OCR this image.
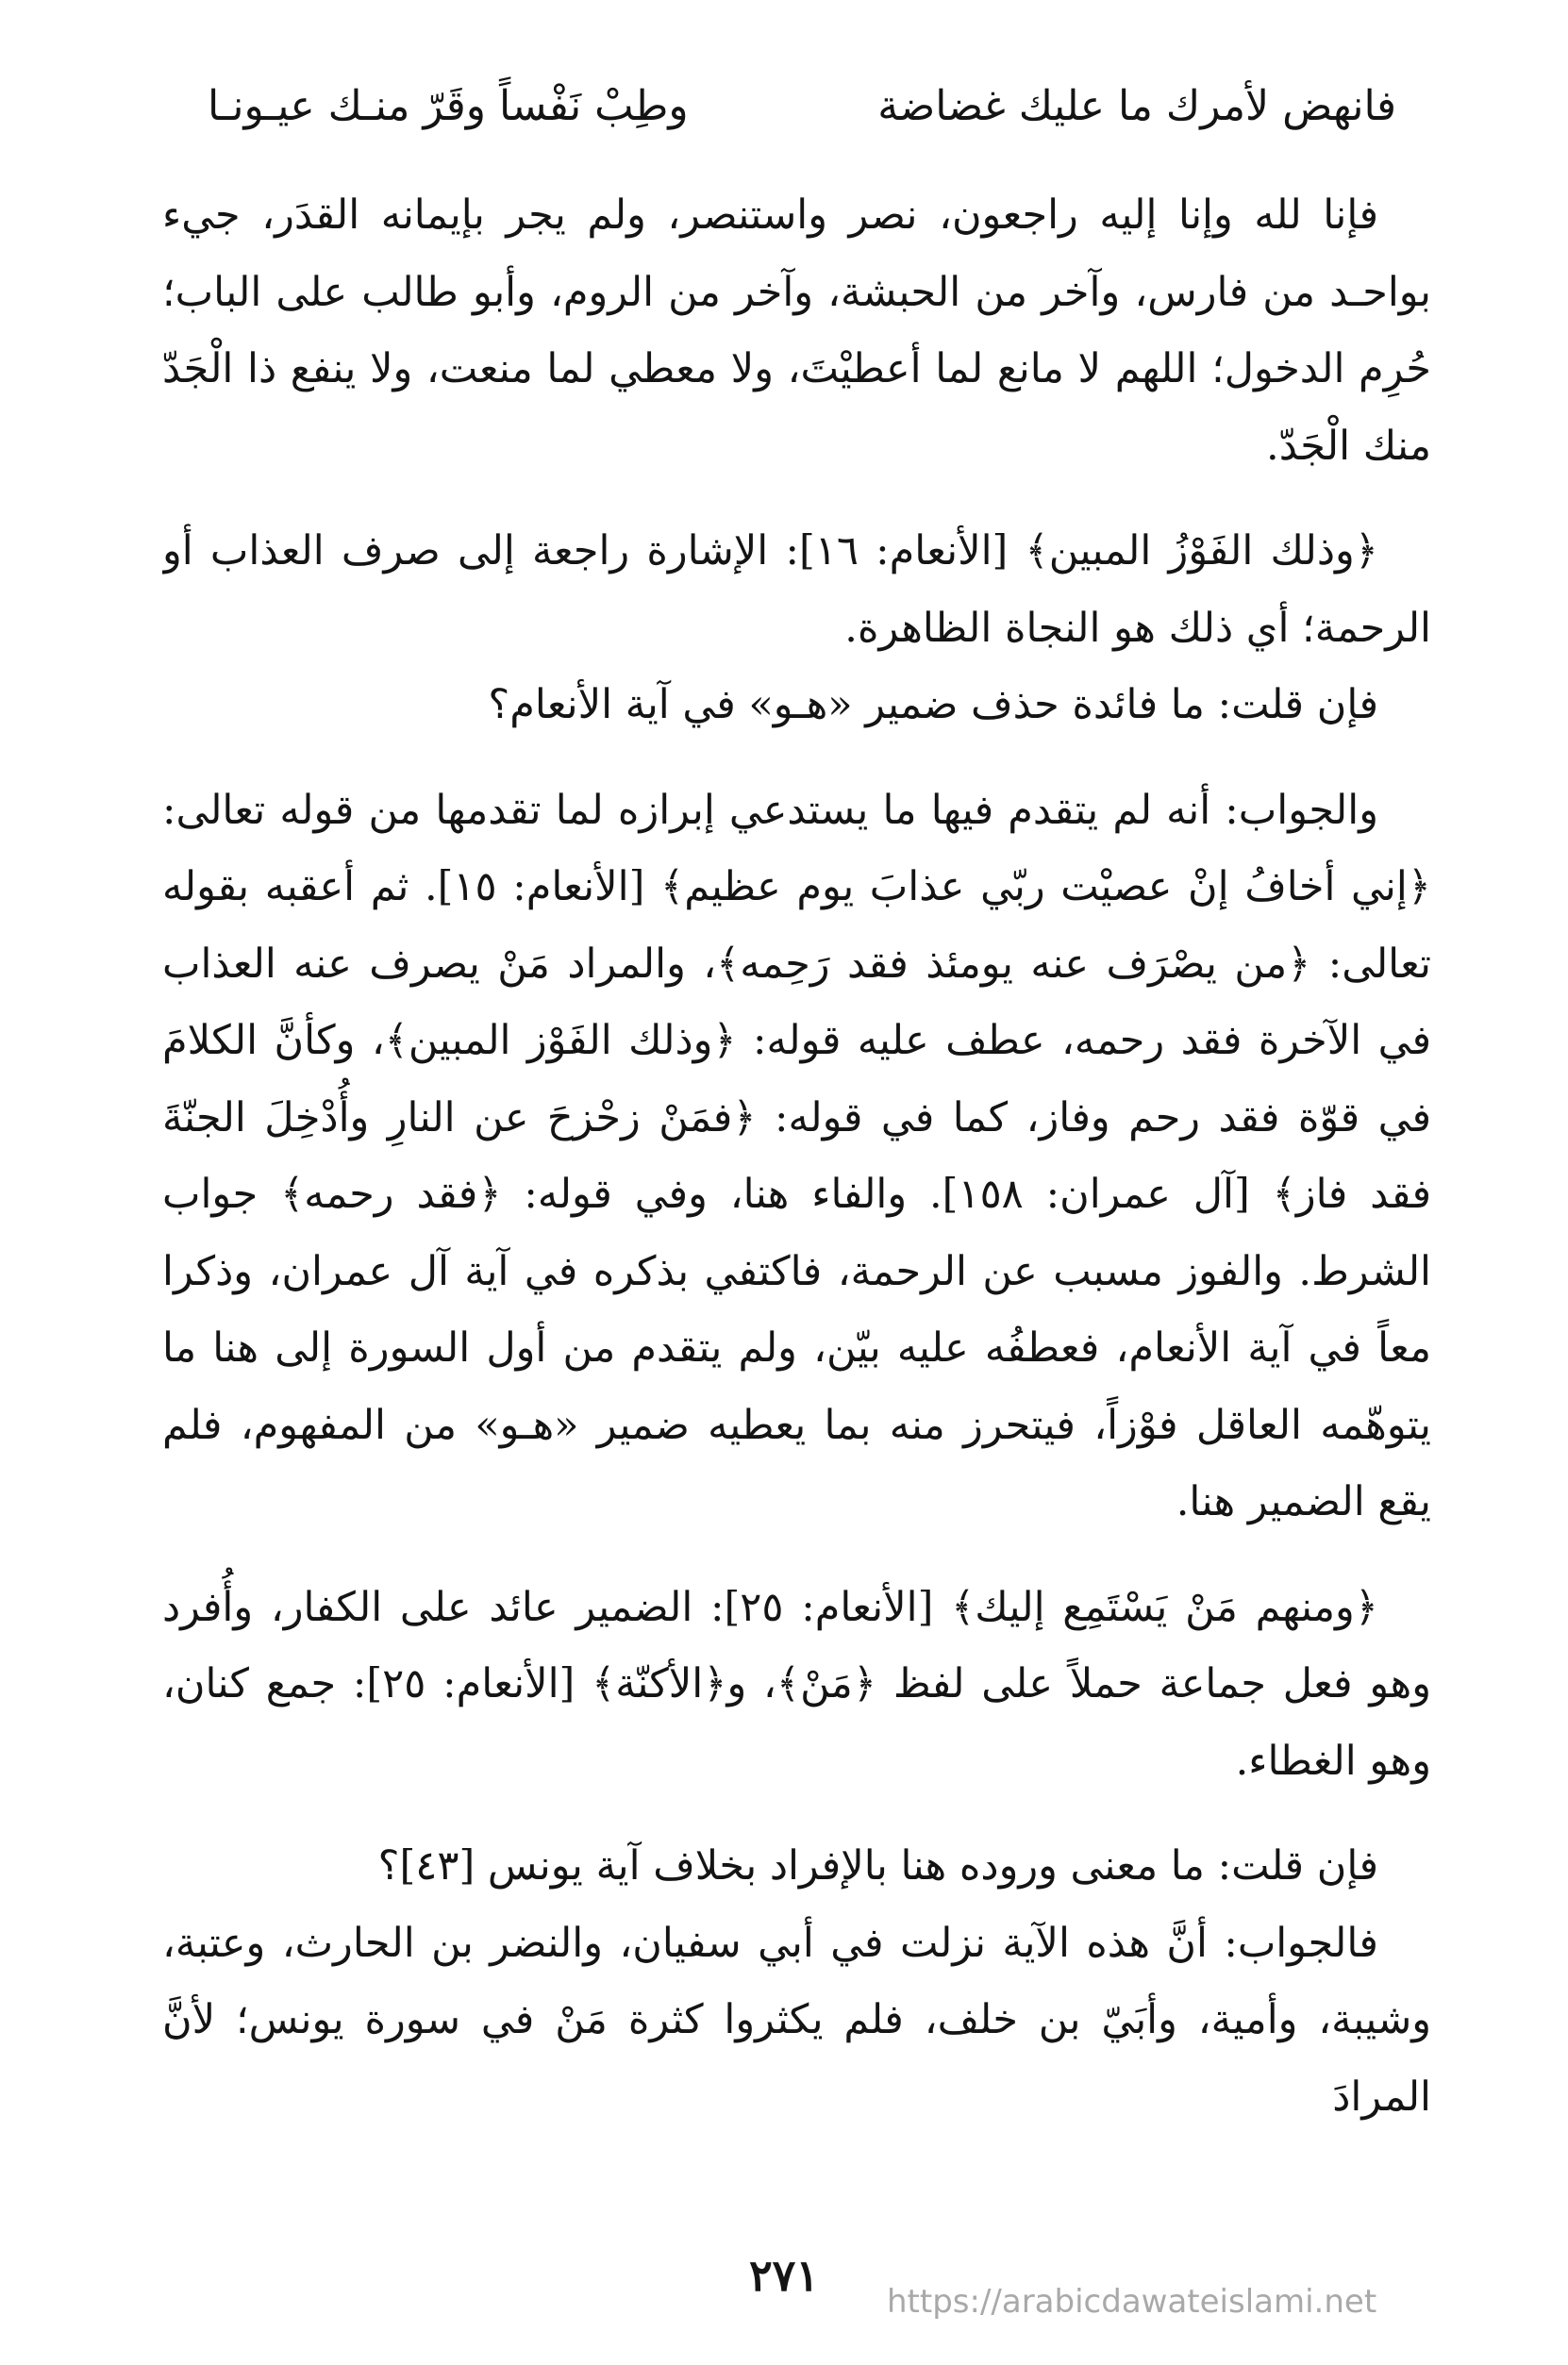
فانهض لأمرك ما عليك غضاضة
وطِبْ نَفْساً وقَرّ منـك عيـونـا

فإنا لله وإنا إليه راجعون، نصر واستنصر، ولم يجر بإيمانه القدَر، جيء بواحـد من فارس، وآخر من الحبشة، وآخر من الروم، وأبو طالب على الباب؛ حُرِم الدخول؛ اللهم لا مانع لما أعطيْتَ، ولا معطي لما منعت، ولا ينفع ذا الْجَدّ منك الْجَدّ.

﴿وذلك الفَوْزُ المبين﴾ [الأنعام: ١٦]: الإشارة راجعة إلى صرف العذاب أو الرحمة؛ أي ذلك هو النجاة الظاهرة.

فإن قلت: ما فائدة حذف ضمير «هـو» في آية الأنعام؟

والجواب: أنه لم يتقدم فيها ما يستدعي إبرازه لما تقدمها من قوله تعالى: ﴿إني أخافُ إنْ عصيْت ربّي عذابَ يوم عظيم﴾ [الأنعام: ١٥]. ثم أعقبه بقوله تعالى: ﴿من يصْرَف عنه يومئذ فقد رَحِمه﴾، والمراد مَنْ يصرف عنه العذاب في الآخرة فقد رحمه، عطف عليه قوله: ﴿وذلك الفَوْز المبين﴾، وكأنَّ الكلامَ في قوّة فقد رحم وفاز، كما في قوله: ﴿فمَنْ زحْزحَ عن النارِ وأُدْخِلَ الجنّةَ فقد فاز﴾ [آل عمران: ١٥٨]. والفاء هنا، وفي قوله: ﴿فقد رحمه﴾ جواب الشرط. والفوز مسبب عن الرحمة، فاكتفي بذكره في آية آل عمران، وذكرا معاً في آية الأنعام، فعطفُه عليه بيّن، ولم يتقدم من أول السورة إلى هنا ما يتوهّمه العاقل فوْزاً، فيتحرز منه بما يعطيه ضمير «هـو» من المفهوم، فلم يقع الضمير هنا.

﴿ومنهم مَنْ يَسْتَمِع إليك﴾ [الأنعام: ٢٥]: الضمير عائد على الكفار، وأُفرد وهو فعل جماعة حملاً على لفظ ﴿مَنْ﴾، و﴿الأكنّة﴾ [الأنعام: ٢٥]: جمع كنان، وهو الغطاء.

فإن قلت: ما معنى وروده هنا بالإفراد بخلاف آية يونس [٤٣]؟

فالجواب: أنَّ هذه الآية نزلت في أبي سفيان، والنضر بن الحارث، وعتبة، وشيبة، وأمية، وأبَيّ بن خلف، فلم يكثروا كثرة مَنْ في سورة يونس؛ لأنَّ المرادَ

٢٧١
https://arabicdawateislami.net
